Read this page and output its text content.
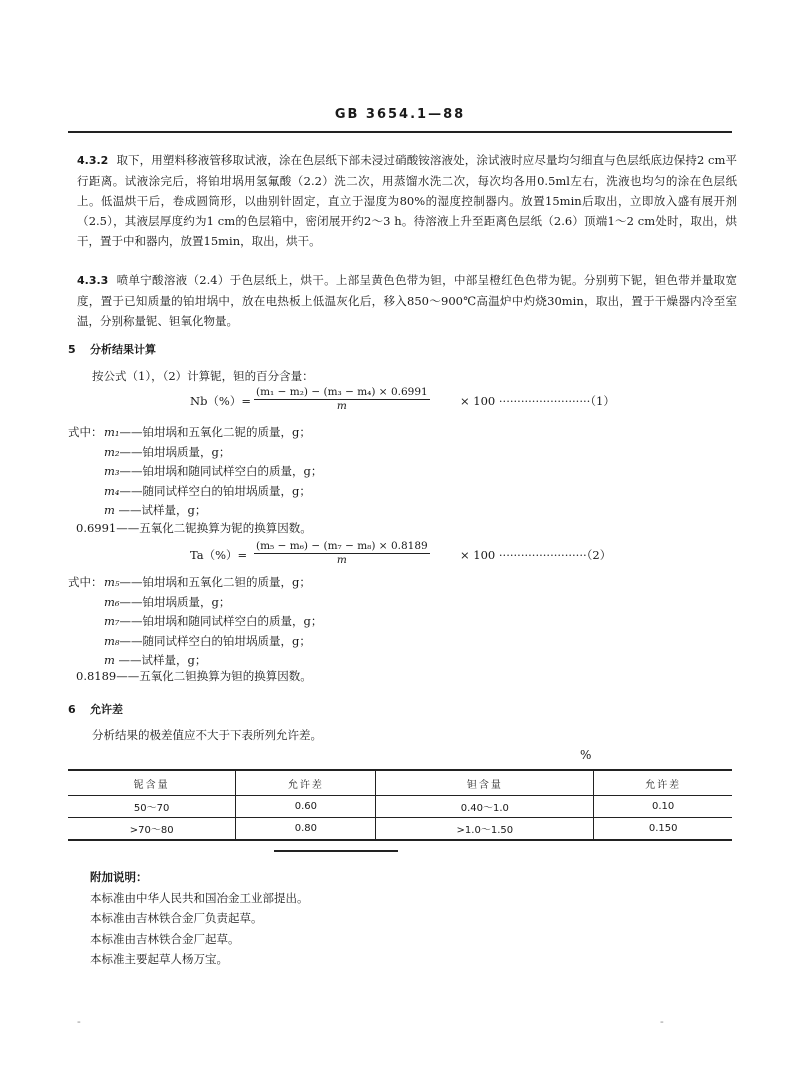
GB 3654.1—88
4.3.2 取下，用塑料移液管移取试液，涂在色层纸下部未浸过硝酸铵溶液处，涂试液时应尽量均匀细直与色层纸底边保持2 cm平行距离。试液涂完后，将铂坩埚用氢氟酸（2.2）洗二次，用蒸馏水洗二次，每次均各用0.5ml左右，洗液也均匀的涂在色层纸上。低温烘干后，卷成圆筒形，以曲别针固定，直立于湿度为80%的湿度控制器内。放置15min后取出，立即放入盛有展开剂（2.5），其液层厚度约为1 cm的色层箱中，密闭展开约2～3 h。待溶液上升至距离色层纸（2.6）顶端1～2 cm处时，取出，烘干，置于中和器内，放置15min，取出，烘干。
4.3.3 喷单宁酸溶液（2.4）于色层纸上，烘干。上部呈黄色色带为钽，中部呈橙红色色带为铌。分别剪下铌，钽色带并量取宽度，置于已知质量的铂坩埚中，放在电热板上低温灰化后，移入850～900℃高温炉中灼烧30min，取出，置于干燥器内冷至室温，分别称量铌、钽氧化物量。
5 分析结果计算
按公式（1），（2）计算铌，钽的百分含量：
$Nb(\%)= \frac{\text{(m₁ − m₂) − (m₃ − m₄) × 0.6991}}{m}$	× 100 ·························（1）
式中： m₁——铂坩埚和五氧化二铌的质量，g；
m₂——铂坩埚质量，g；
m₃——铂坩埚和随同试样空白的质量，g；
m₄——随同试样空白的铂坩埚质量，g；
m ——试样量，g；
0.6991——五氧化二铌换算为铌的换算因数。
$Ta(\%)= \frac{\text{(m₅ − m₆) − (m₇ − m₈) × 0.8189}}{m}$	× 100 ························（2）
式中： m₅——铂坩埚和五氧化二钽的质量，g；
m₆——铂坩埚质量，g；
m₇——铂坩埚和随同试样空白的质量，g；
m₈——随同试样空白的铂坩埚质量，g；
m ——试样量，g；
0.8189——五氧化二钽换算为钽的换算因数。
6 允许差
分析结果的极差值应不大于下表所列允许差。
%
铌含量	允许差	钽含量	允许差
50～70	0.60	0.40～1.0	0.10
>70～80	0.80	>1.0～1.50	0.150
附加说明：
本标准由中华人民共和国冶金工业部提出。
本标准由吉林铁合金厂负责起草。
本标准由吉林铁合金厂起草。
本标准主要起草人杨万宝。
-	-
